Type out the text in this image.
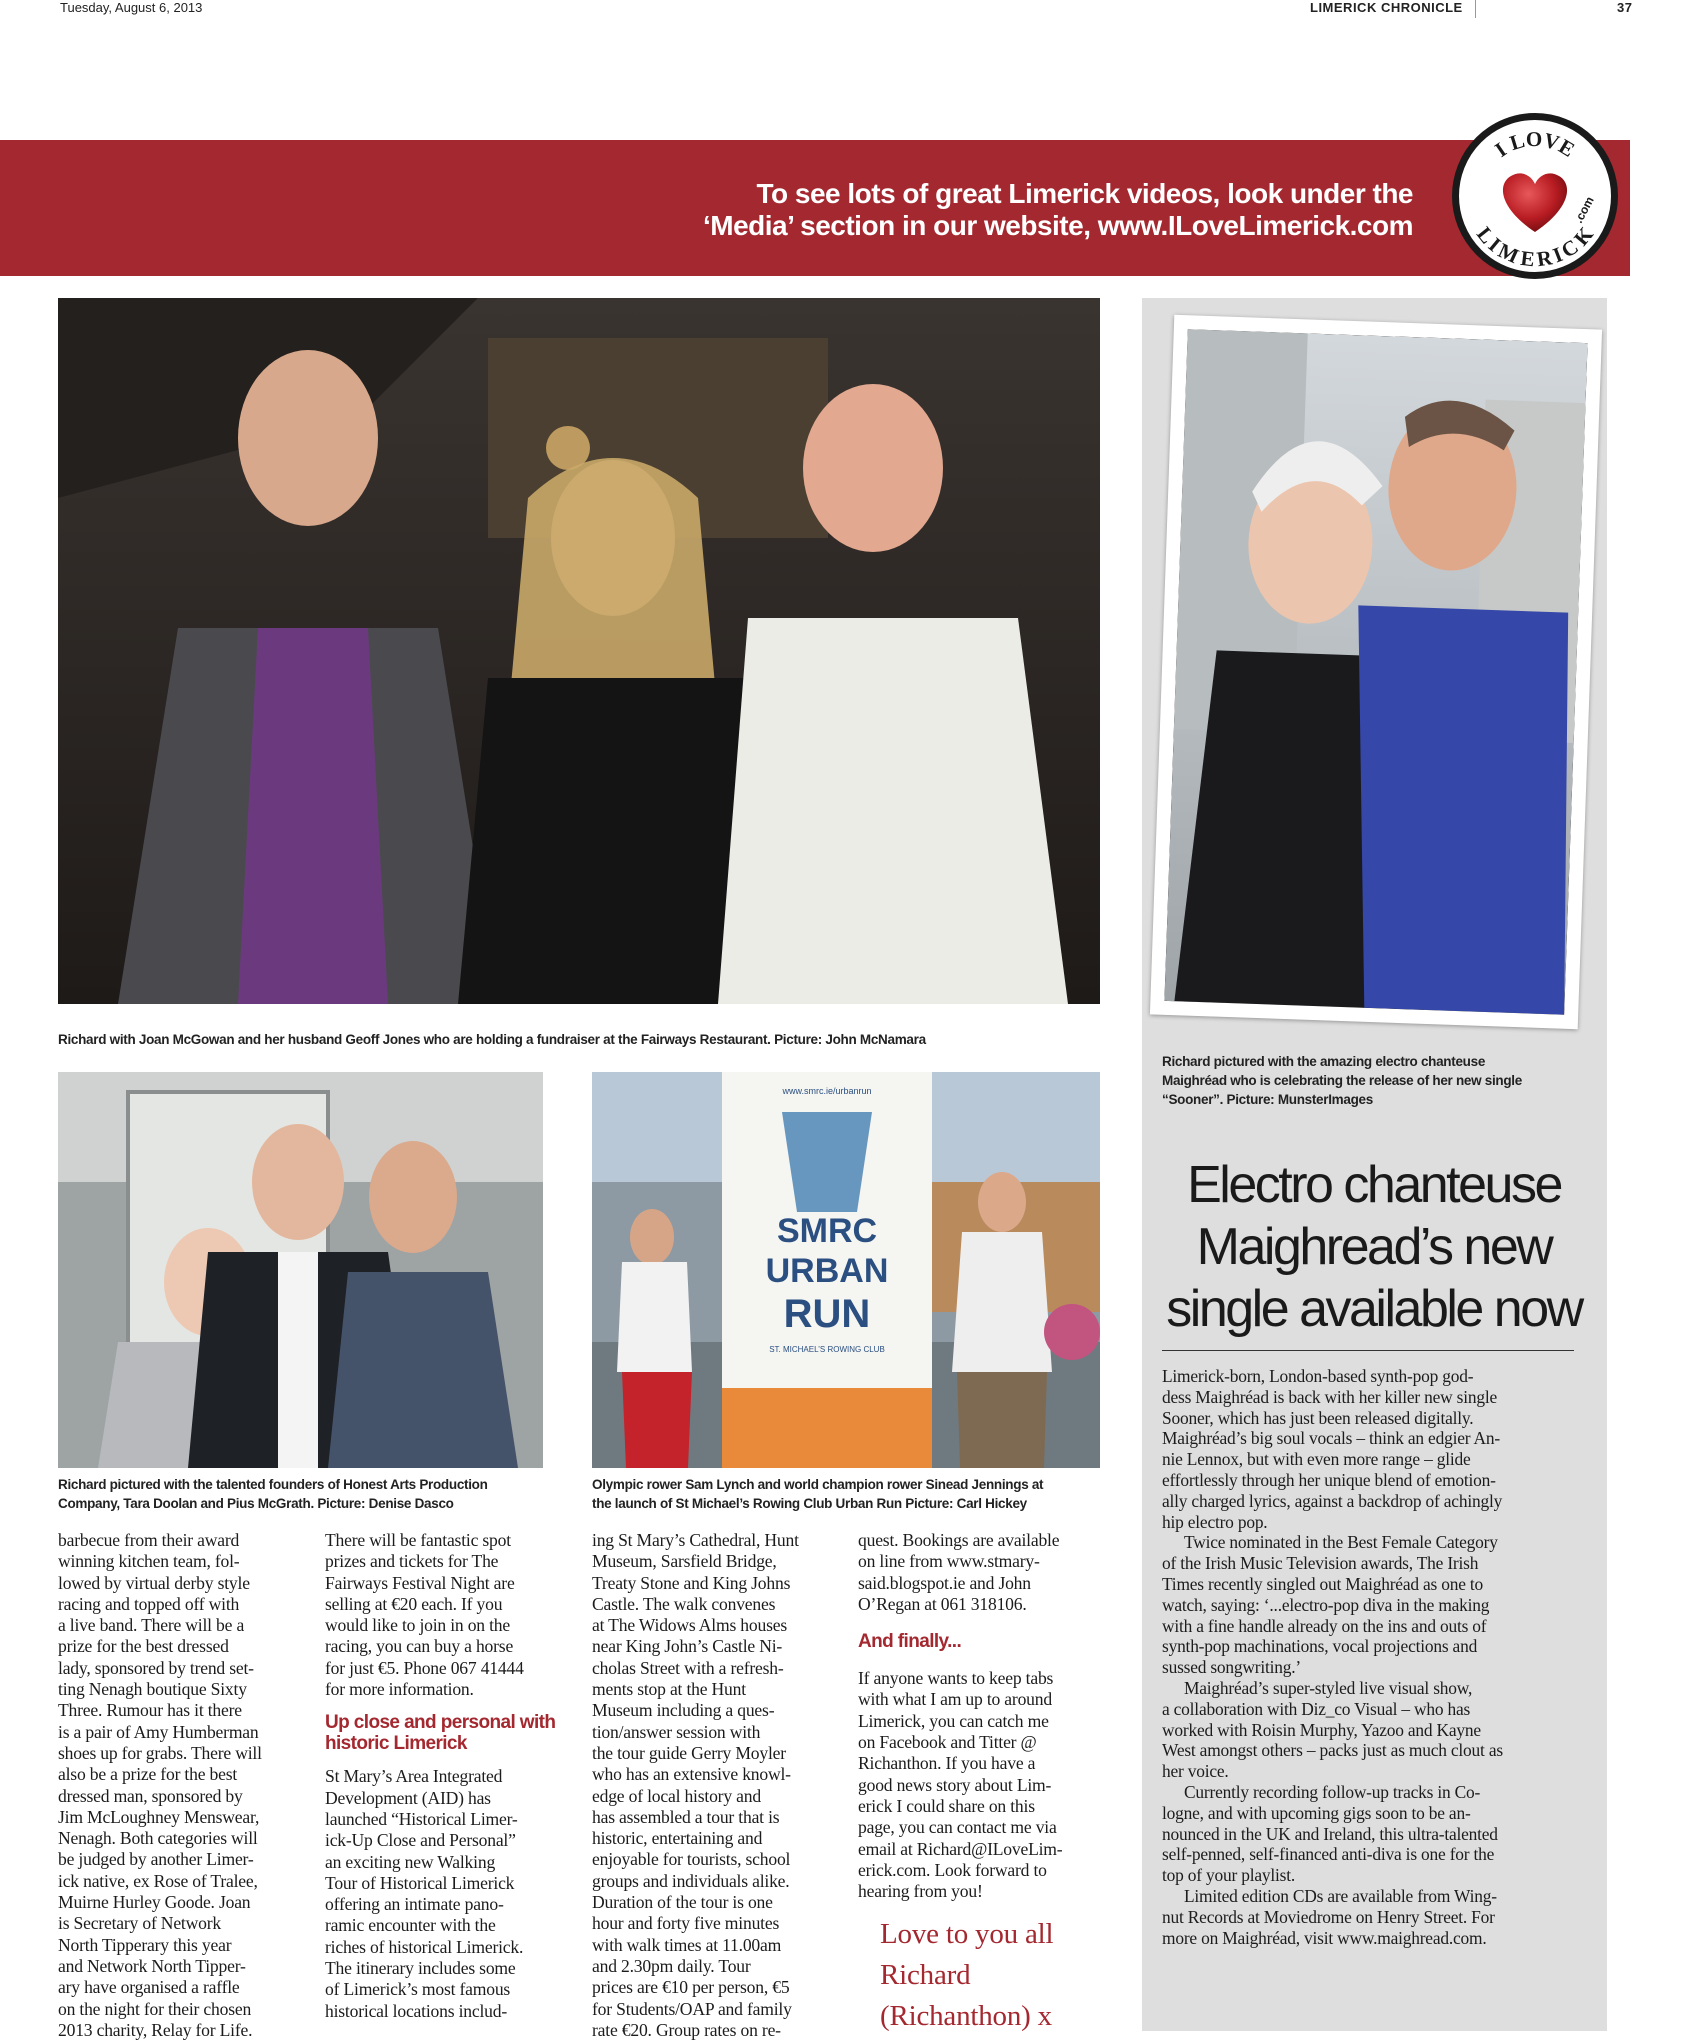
Tuesday, August 6, 2013	LIMERICK CHRONICLE	37
To see lots of great Limerick videos, look under the
‘Media’ section in our website, www.ILoveLimerick.com
I LOVE
LIMERICK
.com
Richard with Joan McGowan and her husband Geoff Jones who are holding a fundraiser at the Fairways Restaurant. Picture: John McNamara
Richard pictured with the talented founders of Honest Arts Production
Company, Tara Doolan and Pius McGrath. Picture: Denise Dasco
www.smrc.ie/urbanrun
SMRC
URBAN
RUN
ST. MICHAEL’S ROWING CLUB
Olympic rower Sam Lynch and world champion rower Sinead Jennings at
the launch of St Michael’s Rowing Club Urban Run Picture: Carl Hickey
barbecue from their award
winning kitchen team, fol-
lowed by virtual derby style
racing and topped off with
a live band. There will be a
prize for the best dressed
lady, sponsored by trend set-
ting Nenagh boutique Sixty
Three. Rumour has it there
is a pair of Amy Humberman
shoes up for grabs. There will
also be a prize for the best
dressed man, sponsored by
Jim McLoughney Menswear,
Nenagh. Both categories will
be judged by another Limer-
ick native, ex Rose of Tralee,
Muirne Hurley Goode. Joan
is Secretary of Network
North Tipperary this year
and Network North Tipper-
ary have organised a raffle
on the night for their chosen
2013 charity, Relay for Life.
There will be fantastic spot
prizes and tickets for The
Fairways Festival Night are
selling at €20 each. If you
would like to join in on the
racing, you can buy a horse
for just €5. Phone 067 41444
for more information.
Up close and personal with
historic Limerick
St Mary’s Area Integrated
Development (AID) has
launched “Historical Limer-
ick-Up Close and Personal”
an exciting new Walking
Tour of Historical Limerick
offering an intimate pano-
ramic encounter with the
riches of historical Limerick.
The itinerary includes some
of Limerick’s most famous
historical locations includ-
ing St Mary’s Cathedral, Hunt
Museum, Sarsfield Bridge,
Treaty Stone and King Johns
Castle. The walk convenes
at The Widows Alms houses
near King John’s Castle Ni-
cholas Street with a refresh-
ments stop at the Hunt
Museum including a ques-
tion/answer session with
the tour guide Gerry Moyler
who has an extensive knowl-
edge of local history and
has assembled a tour that is
historic, entertaining and
enjoyable for tourists, school
groups and individuals alike.
Duration of the tour is one
hour and forty five minutes
with walk times at 11.00am
and 2.30pm daily. Tour
prices are €10 per person, €5
for Students/OAP and family
rate €20. Group rates on re-
quest. Bookings are available
on line from www.stmary-
said.blogspot.ie and John
O’Regan at 061 318106.
And finally...
If anyone wants to keep tabs
with what I am up to around
Limerick, you can catch me
on Facebook and Titter @
Richanthon. If you have a
good news story about Lim-
erick I could share on this
page, you can contact me via
email at Richard@ILoveLim-
erick.com. Look forward to
hearing from you!
Love to you all
Richard
(Richanthon) x
Richard pictured with the amazing electro chanteuse
Maighréad who is celebrating the release of her new single
“Sooner”. Picture: MunsterImages
Electro chanteuse
Maighread’s new
single available now
Limerick-born, London-based synth-pop god-
dess Maighréad is back with her killer new single
Sooner, which has just been released digitally.
Maighréad’s big soul vocals – think an edgier An-
nie Lennox, but with even more range – glide
effortlessly through her unique blend of emotion-
ally charged lyrics, against a backdrop of achingly
hip electro pop.
Twice nominated in the Best Female Category
of the Irish Music Television awards, The Irish
Times recently singled out Maighréad as one to
watch, saying: ‘...electro-pop diva in the making
with a fine handle already on the ins and outs of
synth-pop machinations, vocal projections and
sussed songwriting.’
Maighréad’s super-styled live visual show,
a collaboration with Diz_co Visual – who has
worked with Roisin Murphy, Yazoo and Kayne
West amongst others – packs just as much clout as
her voice.
Currently recording follow-up tracks in Co-
logne, and with upcoming gigs soon to be an-
nounced in the UK and Ireland, this ultra-talented
self-penned, self-financed anti-diva is one for the
top of your playlist.
Limited edition CDs are available from Wing-
nut Records at Moviedrome on Henry Street. For
more on Maighréad, visit www.maighread.com.
